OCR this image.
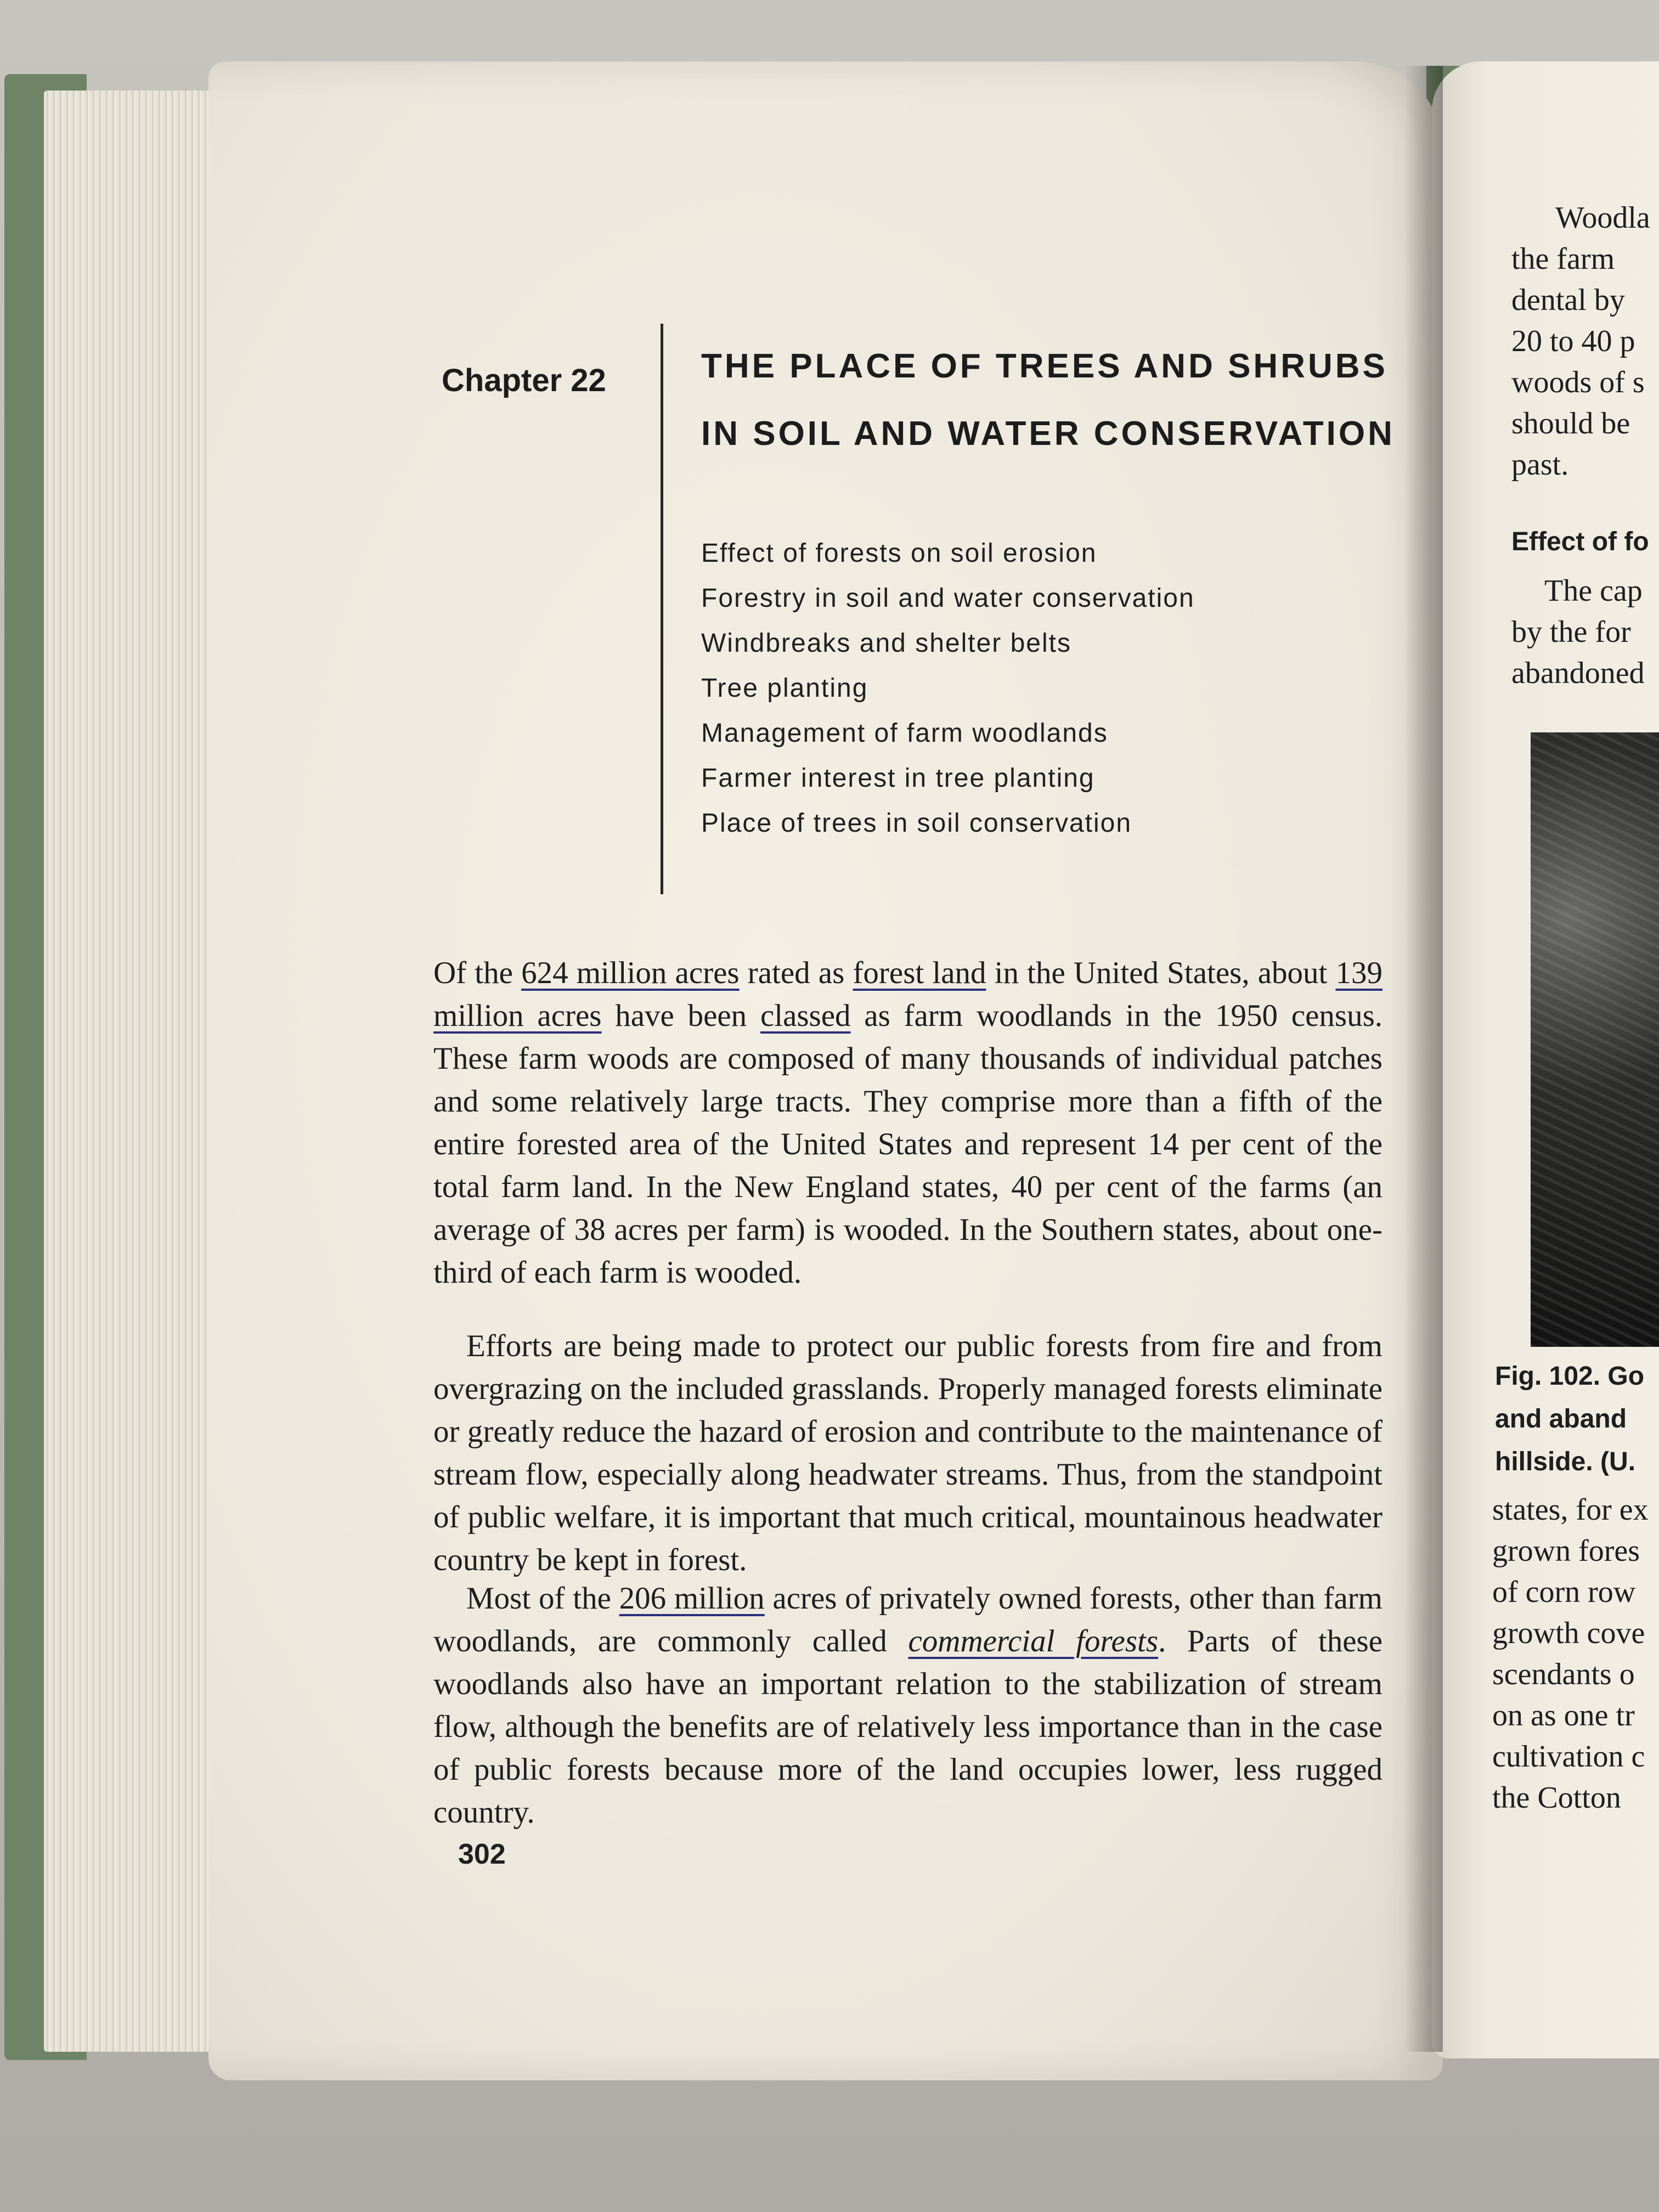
Chapter 22	THE PLACE OF TREES AND SHRUBS
IN SOIL AND WATER CONSERVATION
Effect of forests on soil erosion
Forestry in soil and water conservation
Windbreaks and shelter belts
Tree planting
Management of farm woodlands
Farmer interest in tree planting
Place of trees in soil conservation

Of the 624 million acres rated as forest land in the United States, about 139 million acres have been classed as farm woodlands in the 1950 census. These farm woods are composed of many thousands of individual patches and some relatively large tracts. They comprise more than a fifth of the entire forested area of the United States and represent 14 per cent of the total farm land. In the New England states, 40 per cent of the farms (an average of 38 acres per farm) is wooded. In the Southern states, about one-third of each farm is wooded.

Efforts are being made to protect our public forests from fire and from overgrazing on the included grasslands. Properly managed forests eliminate or greatly reduce the hazard of erosion and contribute to the maintenance of stream flow, especially along headwater streams. Thus, from the standpoint of public welfare, it is important that much critical, mountainous headwater country be kept in forest.

Most of the 206 million acres of privately owned forests, other than farm woodlands, are commonly called commercial forests. Parts of these woodlands also have an important relation to the stabilization of stream flow, although the benefits are of relatively less importance than in the case of public forests because more of the land occupies lower, less rugged country.

302
Woodla
the farm
dental by
20 to 40 p
woods of s
should be
past.
Effect of fo
The cap
by the for
abandoned
Fig. 102. Go
and aband
hillside. (U.
states, for ex
grown fores
of corn row
growth cove
scendants o
on as one tr
cultivation c
the Cotton
